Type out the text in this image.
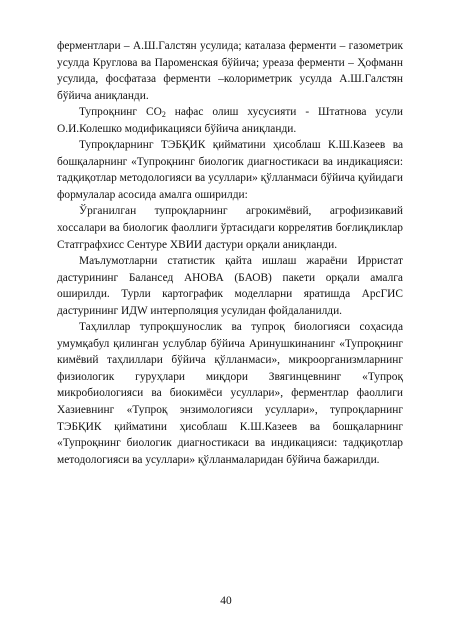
ферментлари – А.Ш.Галстян усулида; каталаза ферменти – газометрик усулда Круглова ва Пароменская бўйича; уреаза ферменти – Ҳофманн усулида, фосфатаза ферменти –колориметрик усулда А.Ш.Галстян бўйича аниқланди.

Тупроқнинг $CO_2$ нафас олиш хусусияти - Штатнова усули О.И.Колешко модификацияси бўйича аниқланди.

Тупроқларнинг ТЭБҚИК қийматини ҳисоблаш К.Ш.Казеев ва бошқаларнинг «Тупроқнинг биологик диагностикаси ва индикацияси: тадқиқотлар методологияси ва усуллари» қўлланмаси бўйича қуйидаги формулалар асосида амалга оширилди:

Ўрганилган тупроқларнинг агрокимёвий, агрофизикавий хоссалари ва биологик фаоллиги ўртасидаги коррелятив боғлиқликлар Статграфхисс Сентуре ХВИИ дастури орқали аниқланди.

Маълумотларни статистик қайта ишлаш жараёни Ирристат дастурининг Балансед АНОВА (БАОВ) пакети орқали амалга оширилди. Турли картографик моделларни яратишда АрсГИС дастурининг ИДW интерполяция усулидан фойдаланилди.

Таҳлиллар тупроқшунослик ва тупроқ биологияси соҳасида умумқабул қилинган услублар бўйича Аринушкинанинг «Тупроқнинг кимёвий таҳлиллари бўйича қўлланмаси», микроорганизмларнинг физиологик гуруҳлари миқдори Звягинцевнинг «Тупроқ микробиологияси ва биокимёси усуллари», ферментлар фаоллиги Хазиевнинг «Тупроқ энзимологияси усуллари», тупроқларнинг ТЭБҚИК қийматини ҳисоблаш К.Ш.Казеев ва бошқаларнинг «Тупроқнинг биологик диагностикаси ва индикацияси: тадқиқотлар методологияси ва усуллари» қўлланмаларидан бўйича бажарилди.

40
